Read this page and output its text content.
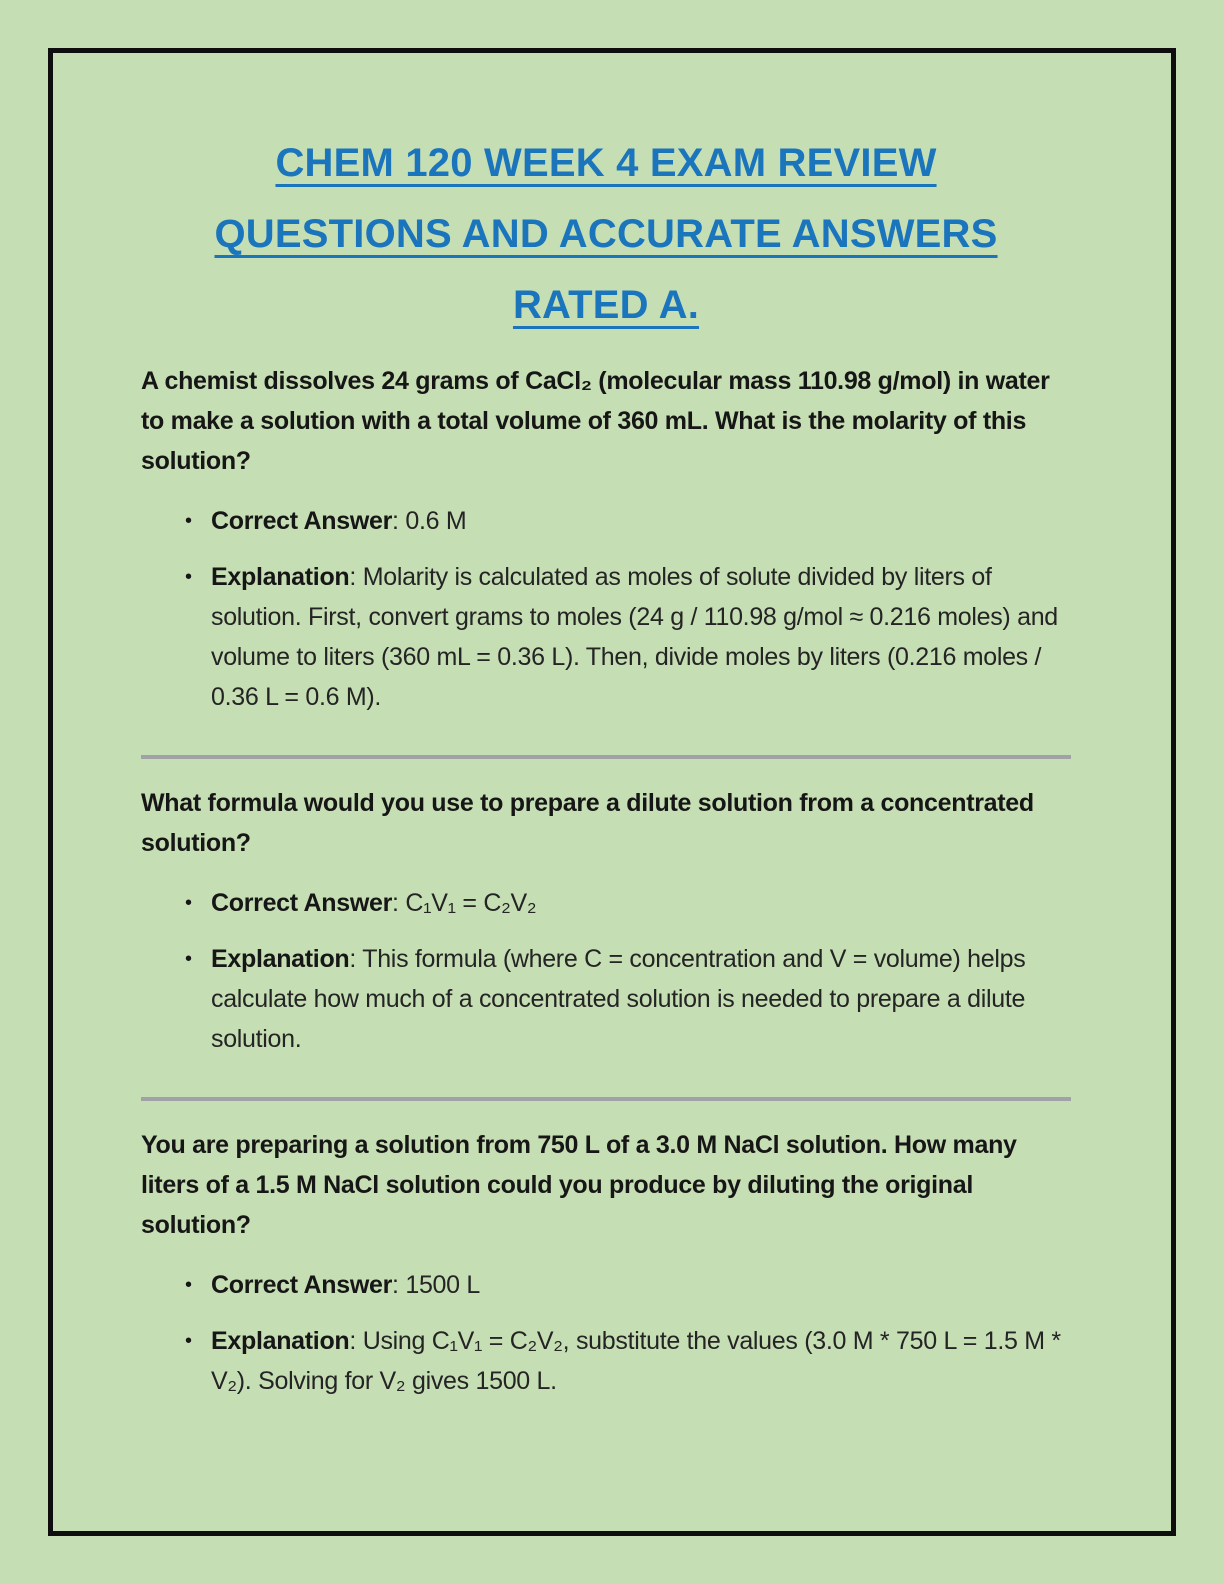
CHEM 120 WEEK 4 EXAM REVIEW
QUESTIONS AND ACCURATE ANSWERS
RATED A.

A chemist dissolves 24 grams of CaCl₂ (molecular mass 110.98 g/mol) in water to make a solution with a total volume of 360 mL. What is the molarity of this solution?

• Correct Answer: 0.6 M

• Explanation: Molarity is calculated as moles of solute divided by liters of solution. First, convert grams to moles (24 g / 110.98 g/mol ≈ 0.216 moles) and volume to liters (360 mL = 0.36 L). Then, divide moles by liters (0.216 moles / 0.36 L = 0.6 M).

What formula would you use to prepare a dilute solution from a concentrated solution?

• Correct Answer: C₁V₁ = C₂V₂

• Explanation: This formula (where C = concentration and V = volume) helps calculate how much of a concentrated solution is needed to prepare a dilute solution.

You are preparing a solution from 750 L of a 3.0 M NaCl solution. How many liters of a 1.5 M NaCl solution could you produce by diluting the original solution?

• Correct Answer: 1500 L

• Explanation: Using C₁V₁ = C₂V₂, substitute the values (3.0 M * 750 L = 1.5 M * V₂). Solving for V₂ gives 1500 L.
